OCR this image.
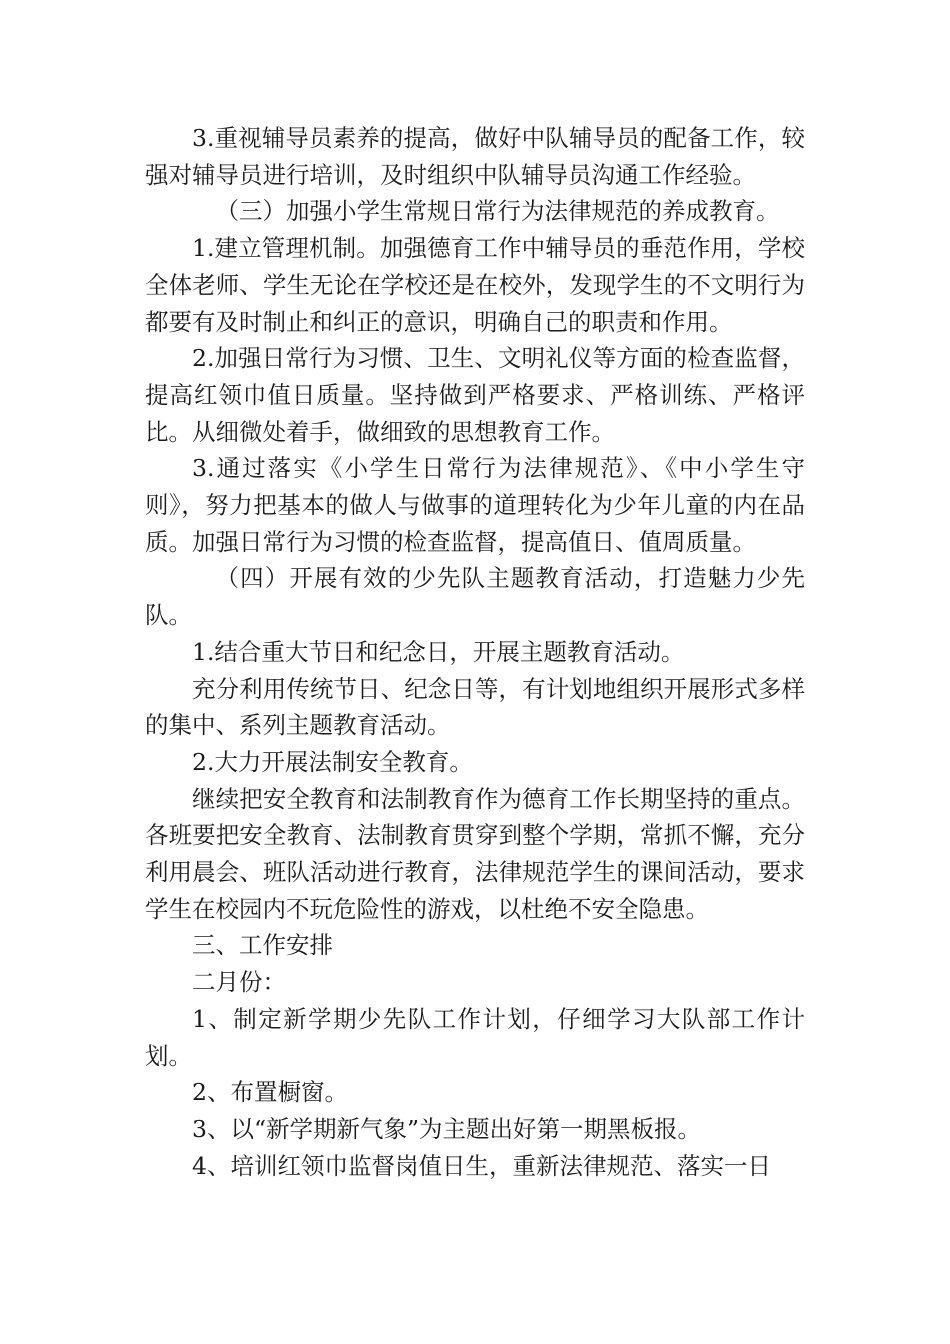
3.重视辅导员素养的提高，做好中队辅导员的配备工作，较强对辅导员进行培训，及时组织中队辅导员沟通工作经验。

（三）加强小学生常规日常行为法律规范的养成教育。

1.建立管理机制。加强德育工作中辅导员的垂范作用，学校全体老师、学生无论在学校还是在校外，发现学生的不文明行为都要有及时制止和纠正的意识，明确自己的职责和作用。

2.加强日常行为习惯、卫生、文明礼仪等方面的检查监督，提高红领巾值日质量。坚持做到严格要求、严格训练、严格评比。从细微处着手，做细致的思想教育工作。

3.通过落实《小学生日常行为法律规范》、《中小学生守则》，努力把基本的做人与做事的道理转化为少年儿童的内在品质。加强日常行为习惯的检查监督，提高值日、值周质量。

（四）开展有效的少先队主题教育活动，打造魅力少先队。

1.结合重大节日和纪念日，开展主题教育活动。

充分利用传统节日、纪念日等，有计划地组织开展形式多样的集中、系列主题教育活动。

2.大力开展法制安全教育。

继续把安全教育和法制教育作为德育工作长期坚持的重点。各班要把安全教育、法制教育贯穿到整个学期，常抓不懈，充分利用晨会、班队活动进行教育，法律规范学生的课间活动，要求学生在校园内不玩危险性的游戏，以杜绝不安全隐患。

三、工作安排

二月份：

1、制定新学期少先队工作计划，仔细学习大队部工作计划。

2、布置橱窗。

3、以“新学期新气象”为主题出好第一期黑板报。

4、培训红领巾监督岗值日生，重新法律规范、落实一日
